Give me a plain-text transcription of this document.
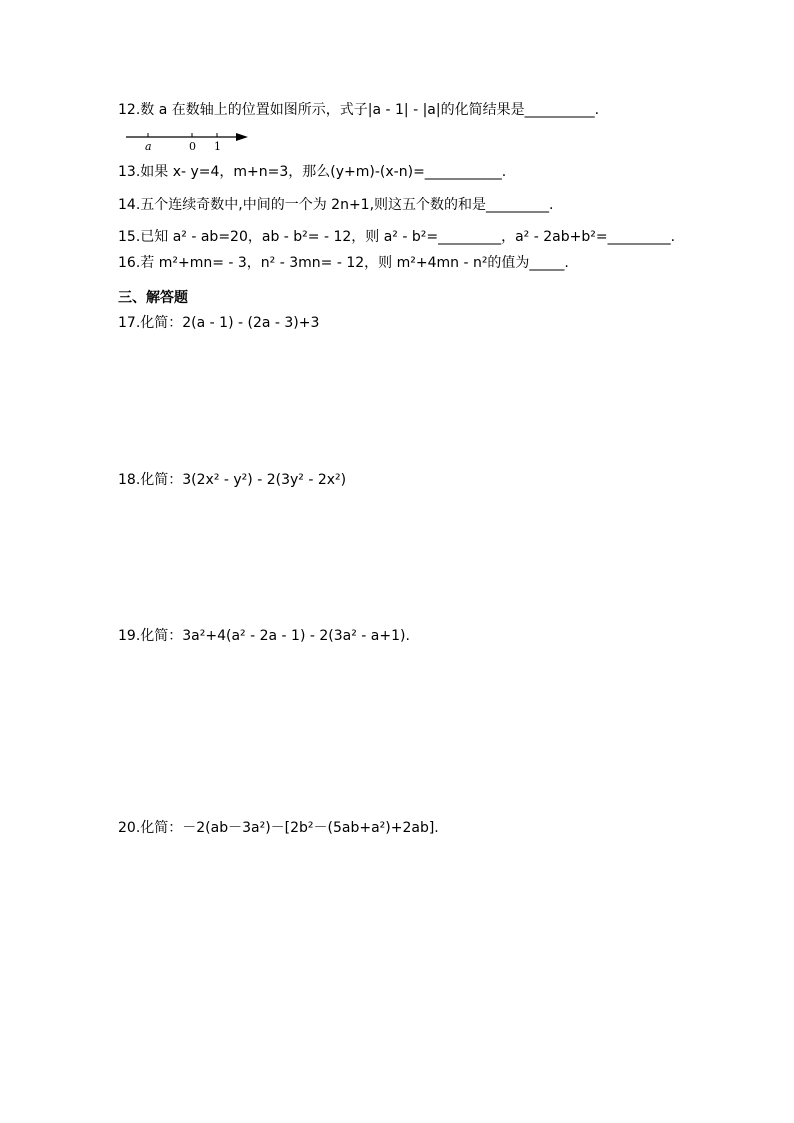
12.数 a 在数轴上的位置如图所示，式子|a - 1| - |a|的化简结果是__________.
a	0 1
13.如果 x- y=4，m+n=3，那么(y+m)-(x-n)=___________.
14.五个连续奇数中,中间的一个为 2n+1,则这五个数的和是_________.
15.已知 a² - ab=20，ab - b²= - 12，则 a² - b²=_________，a² - 2ab+b²=_________.
16.若 m²+mn= - 3，n² - 3mn= - 12，则 m²+4mn - n²的值为_____.
三、解答题
17.化简：2(a - 1) - (2a - 3)+3
18.化简：3(2x² - y²) - 2(3y² - 2x²)
19.化简：3a²+4(a² - 2a - 1) - 2(3a² - a+1).
20.化简：－2(ab－3a²)－[2b²－(5ab+a²)+2ab].
